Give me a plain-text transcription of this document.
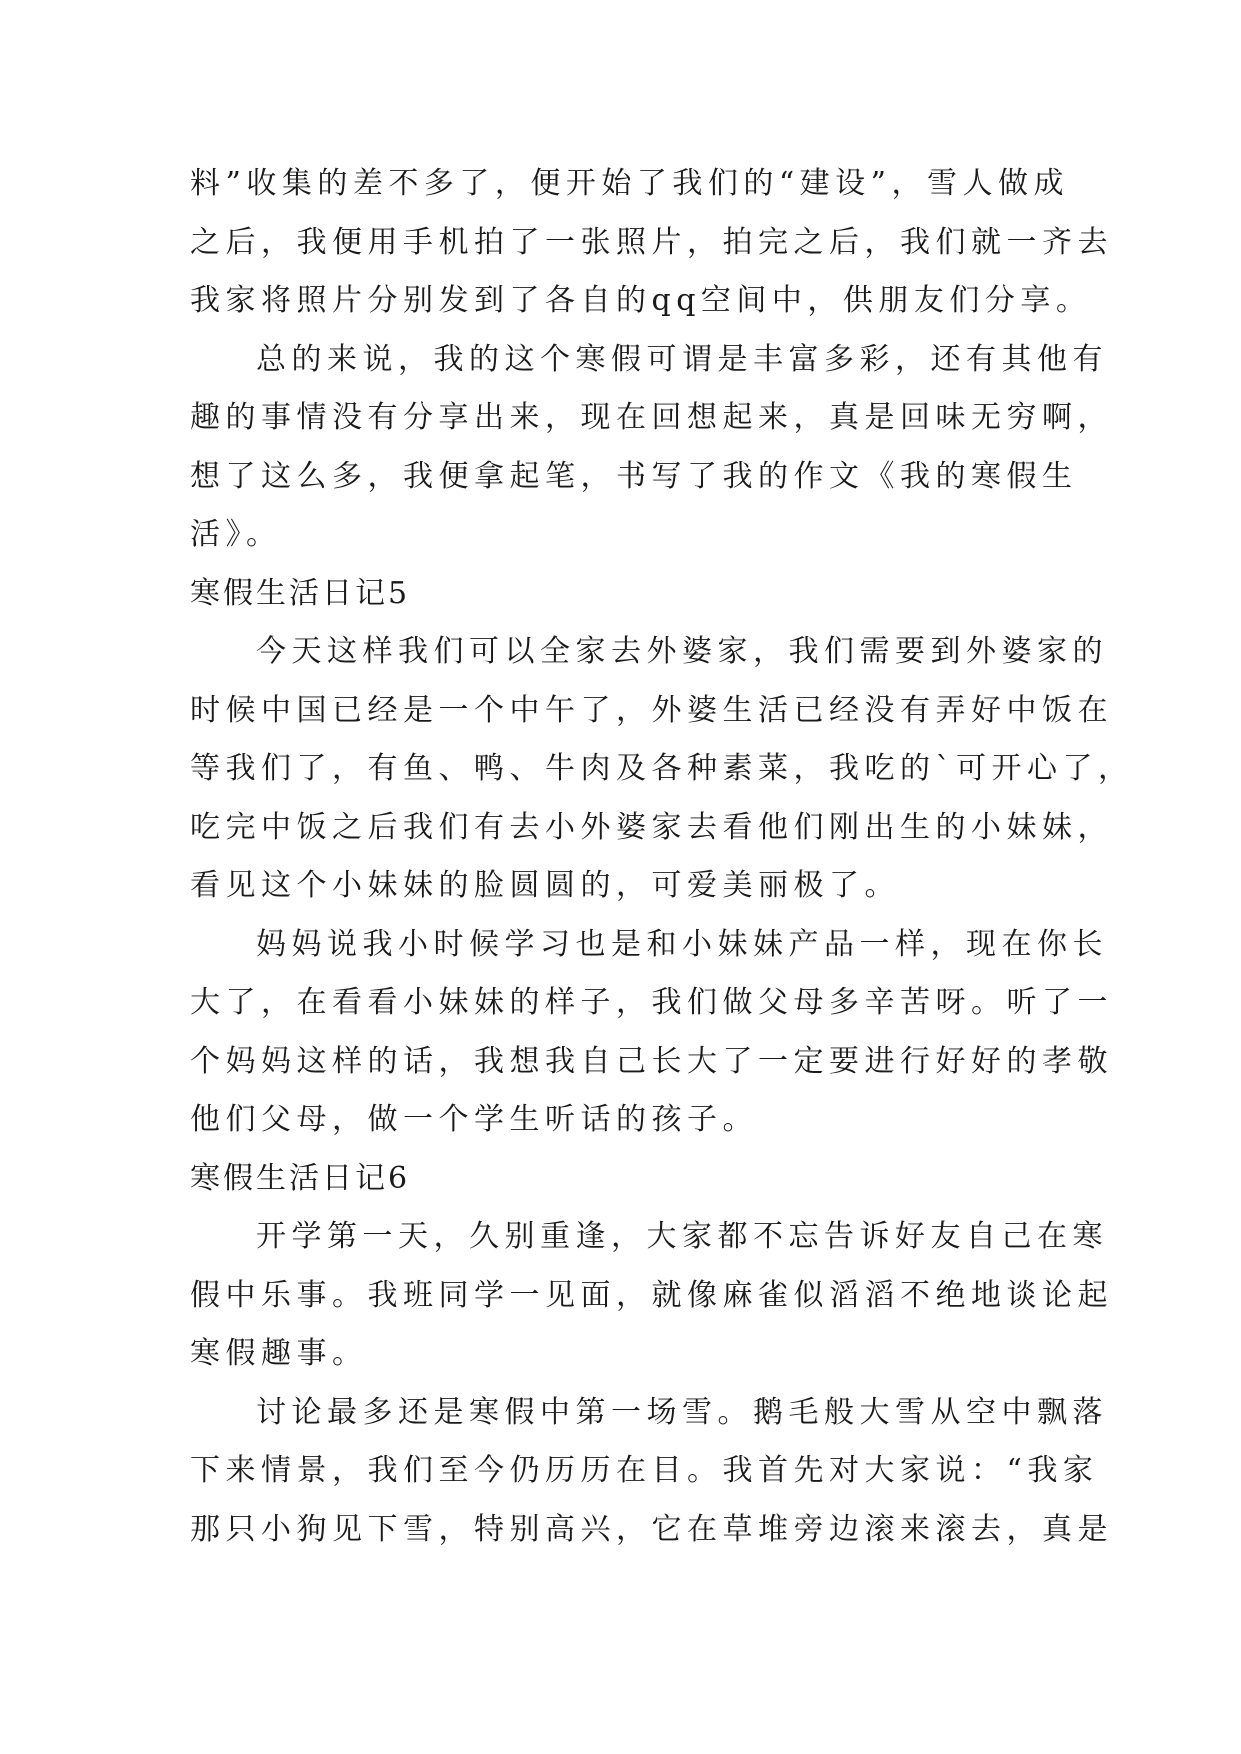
料”收集的差不多了，便开始了我们的“建设”，雪人做成
之后，我便用手机拍了一张照片，拍完之后，我们就一齐去
我家将照片分别发到了各自的qq空间中，供朋友们分享。
总的来说，我的这个寒假可谓是丰富多彩，还有其他有
趣的事情没有分享出来，现在回想起来，真是回味无穷啊，
想了这么多，我便拿起笔，书写了我的作文《我的寒假生
活》。
寒假生活日记5
今天这样我们可以全家去外婆家，我们需要到外婆家的
时候中国已经是一个中午了，外婆生活已经没有弄好中饭在
等我们了，有鱼、鸭、牛肉及各种素菜，我吃的`可开心了，
吃完中饭之后我们有去小外婆家去看他们刚出生的小妹妹，
看见这个小妹妹的脸圆圆的，可爱美丽极了。
妈妈说我小时候学习也是和小妹妹产品一样，现在你长
大了，在看看小妹妹的样子，我们做父母多辛苦呀。听了一
个妈妈这样的话，我想我自己长大了一定要进行好好的孝敬
他们父母，做一个学生听话的孩子。
寒假生活日记6
开学第一天，久别重逢，大家都不忘告诉好友自己在寒
假中乐事。我班同学一见面，就像麻雀似滔滔不绝地谈论起
寒假趣事。
讨论最多还是寒假中第一场雪。鹅毛般大雪从空中飘落
下来情景，我们至今仍历历在目。我首先对大家说：“我家
那只小狗见下雪，特别高兴，它在草堆旁边滚来滚去，真是
